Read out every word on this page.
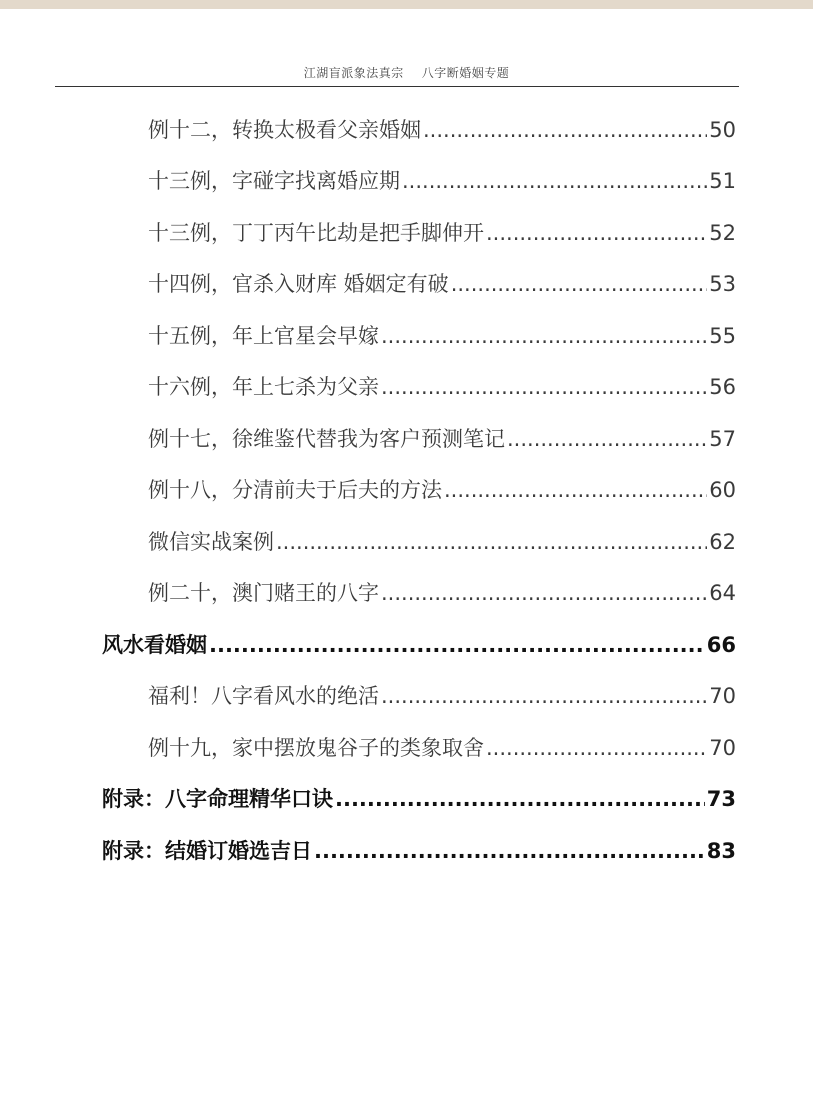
江湖盲派象法真宗 八字断婚姻专题
例十二，转换太极看父亲婚姻 .....	50
十三例，字碰字找离婚应期 .....	51
十三例，丁丁丙午比劫是把手脚伸开 .....	52
十四例，官杀入财库 婚姻定有破 .....	53
十五例，年上官星会早嫁 .....	55
十六例，年上七杀为父亲 .....	56
例十七，徐维鉴代替我为客户预测笔记 .....	57
例十八，分清前夫于后夫的方法 .....	60
微信实战案例 .....	62
例二十，澳门赌王的八字 .....	64
风水看婚姻 .....	66
福利！八字看风水的绝活 .....	70
例十九，家中摆放鬼谷子的类象取舍 .....	70
附录：八字命理精华口诀 .....	73
附录：结婚订婚选吉日 .....	83
